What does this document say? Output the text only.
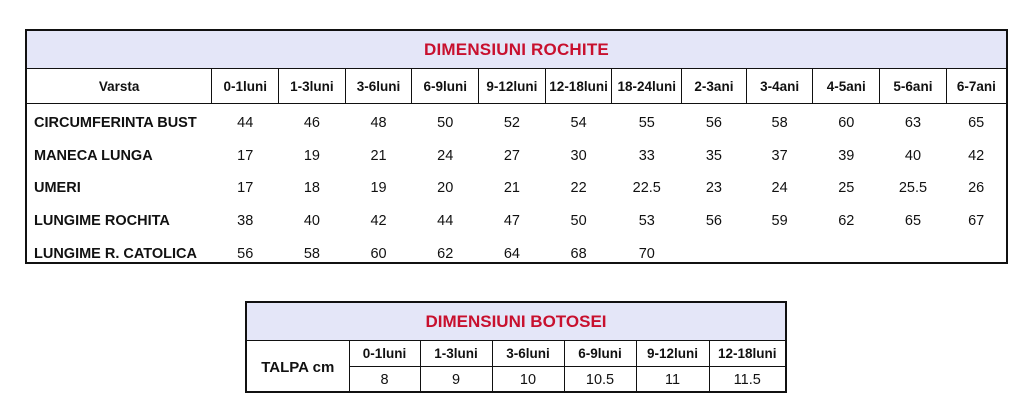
DIMENSIUNI ROCHITE
Varsta	0-1luni	1-3luni	3-6luni	6-9luni	9-12luni	12-18luni	18-24luni	2-3ani	3-4ani	4-5ani	5-6ani	6-7ani
CIRCUMFERINTA BUST	44	46	48	50	52	54	55	56	58	60	63	65
MANECA LUNGA	17	19	21	24	27	30	33	35	37	39	40	42
UMERI	17	18	19	20	21	22	22.5	23	24	25	25.5	26
LUNGIME ROCHITA	38	40	42	44	47	50	53	56	59	62	65	67
LUNGIME R. CATOLICA	56	58	60	62	64	68	70					
DIMENSIUNI BOTOSEI
TALPA cm	0-1luni	1-3luni	3-6luni	6-9luni	9-12luni	12-18luni
	8	9	10	10.5	11	11.5
